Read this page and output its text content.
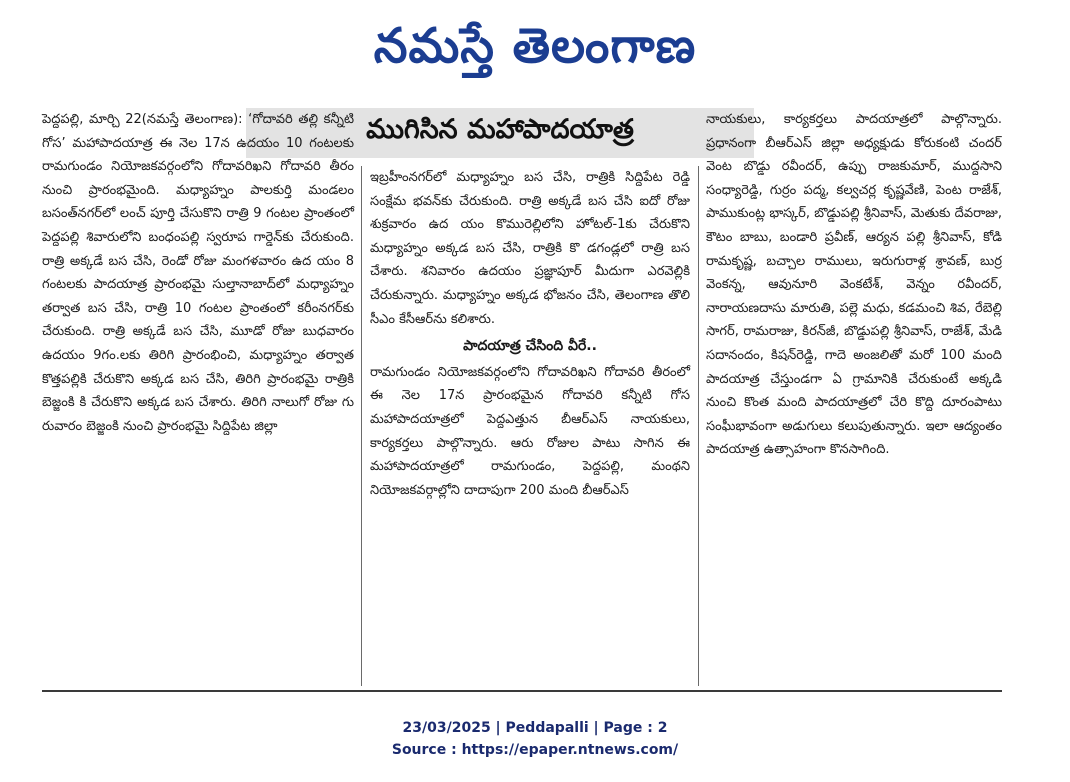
నమస్తే తెలంగాణ
ముగిసిన మహాపాదయాత్ర

పెద్దపల్లి, మార్చి 22(నమస్తే తెలంగాణ): ‘గోదావరి తల్లి కన్నీటి గోస’ మహాపాదయాత్ర ఈ నెల 17న ఉదయం 10 గంటలకు రామగుండం నియోజకవర్గంలోని గోదావరిఖని గోదావరి తీరం నుంచి ప్రారంభమైంది. మధ్యాహ్నం పాలకుర్తి మండలం బసంత్‌నగర్‌లో లంచ్ పూర్తి చేసుకొని రాత్రి 9 గంటల ప్రాంతంలో పెద్దపల్లి శివారులోని బంధంపల్లి స్వరూప గార్డెన్‌కు చేరుకుంది. రాత్రి అక్కడే బస చేసి, రెండో రోజు మంగళవారం ఉద యం 8 గంటలకు పాదయాత్ర ప్రారంభమై సుల్తానాబాద్‌లో మధ్యాహ్నం తర్వాత బస చేసి, రాత్రి 10 గంటల ప్రాంతంలో కరీంనగర్‌కు చేరుకుంది. రాత్రి అక్కడే బస చేసి, మూడో రోజు బుధవారం ఉదయం 9గం.లకు తిరిగి ప్రారంభించి, మధ్యాహ్నం తర్వాత కొత్తపల్లికి చేరుకొని అక్కడ బస చేసి, తిరిగి ప్రారంభమై రాత్రికి బెజ్జంకి కి చేరుకొని అక్కడ బస చేశారు. తిరిగి నాలుగో రోజు గు రువారం బెజ్జంకి నుంచి ప్రారంభమై సిద్దిపేట జిల్లా

ఇబ్రహీంనగర్‌లో మధ్యాహ్నం బస చేసి, రాత్రికి సిద్దిపేట రెడ్డి సంక్షేమ భవన్‌కు చేరుకుంది. రాత్రి అక్కడే బస చేసి ఐదో రోజు శుక్రవారం ఉద యం కొమురెల్లిలోని హోటల్-1కు చేరుకొని మధ్యాహ్నం అక్కడ బస చేసి, రాత్రికి కొ డగండ్లలో రాత్రి బస చేశారు. శనివారం ఉదయం ప్రజ్ఞాపూర్ మీదుగా ఎరవెల్లికి చేరుకున్నారు. మధ్యాహ్నం అక్కడ భోజనం చేసి, తెలంగాణ తొలి సీఎం కేసీఆర్‌ను కలిశారు.

పాదయాత్ర చేసింది వీరే..

రామగుండం నియోజకవర్గంలోని గోదావరిఖని గోదావరి తీరంలో ఈ నెల 17న ప్రారంభమైన గోదావరి కన్నీటి గోస మహాపాదయాత్రలో పెద్దఎత్తున బీఆర్‌ఎస్ నాయకులు, కార్యకర్తలు పాల్గొన్నారు. ఆరు రోజుల పాటు సాగిన ఈ మహాపాదయాత్రలో రామగుండం, పెద్దపల్లి, మంథని నియోజకవర్గాల్లోని దాదాపుగా 200 మంది బీఆర్‌ఎస్

నాయకులు, కార్యకర్తలు పాదయాత్రలో పాల్గొన్నారు. ప్రధానంగా బీఆర్‌ఎస్ జిల్లా అధ్యక్షుడు కోరుకంటి చందర్ వెంట బొడ్డు రవీందర్, ఉప్పు రాజకుమార్, ముద్దసాని సంధ్యారెడ్డి, గుర్రం పద్మ, కల్వచర్ల కృష్ణవేణి, పెంట రాజేశ్, పాముకుంట్ల భాస్కర్, బొడ్డుపల్లి శ్రీనివాస్, మెతుకు దేవరాజు, కౌటం బాబు, బండారి ప్రవీణ్, ఆర్యన పల్లి శ్రీనివాస్, కోడి రామకృష్ణ, బచ్చాల రాములు, ఇరుగురాళ్ల శ్రావణ్, బుర్ర వెంకన్న, ఆవునూరి వెంకటేశ్, వెన్నం రవీందర్, నారాయణదాసు మారుతి, పల్లె మధు, కడమంచి శివ, రేబెల్లి సాగర్, రామరాజు, కిరన్‌జీ, బొడ్డుపల్లి శ్రీనివాస్, రాజేశ్, మేడి సదానందం, కిషన్‌రెడ్డి, గాదె అంజలితో మరో 100 మంది పాదయాత్ర చేస్తుండగా ఏ గ్రామానికి చేరుకుంటే అక్కడి నుంచి కొంత మంది పాదయాత్రలో చేరి కొద్ది దూరంపాటు సంఘీభావంగా అడుగులు కలుపుతున్నారు. ఇలా ఆద్యంతం పాదయాత్ర ఉత్సాహంగా కొనసాగింది.

23/03/2025 | Peddapalli | Page : 2
Source : https://epaper.ntnews.com/
